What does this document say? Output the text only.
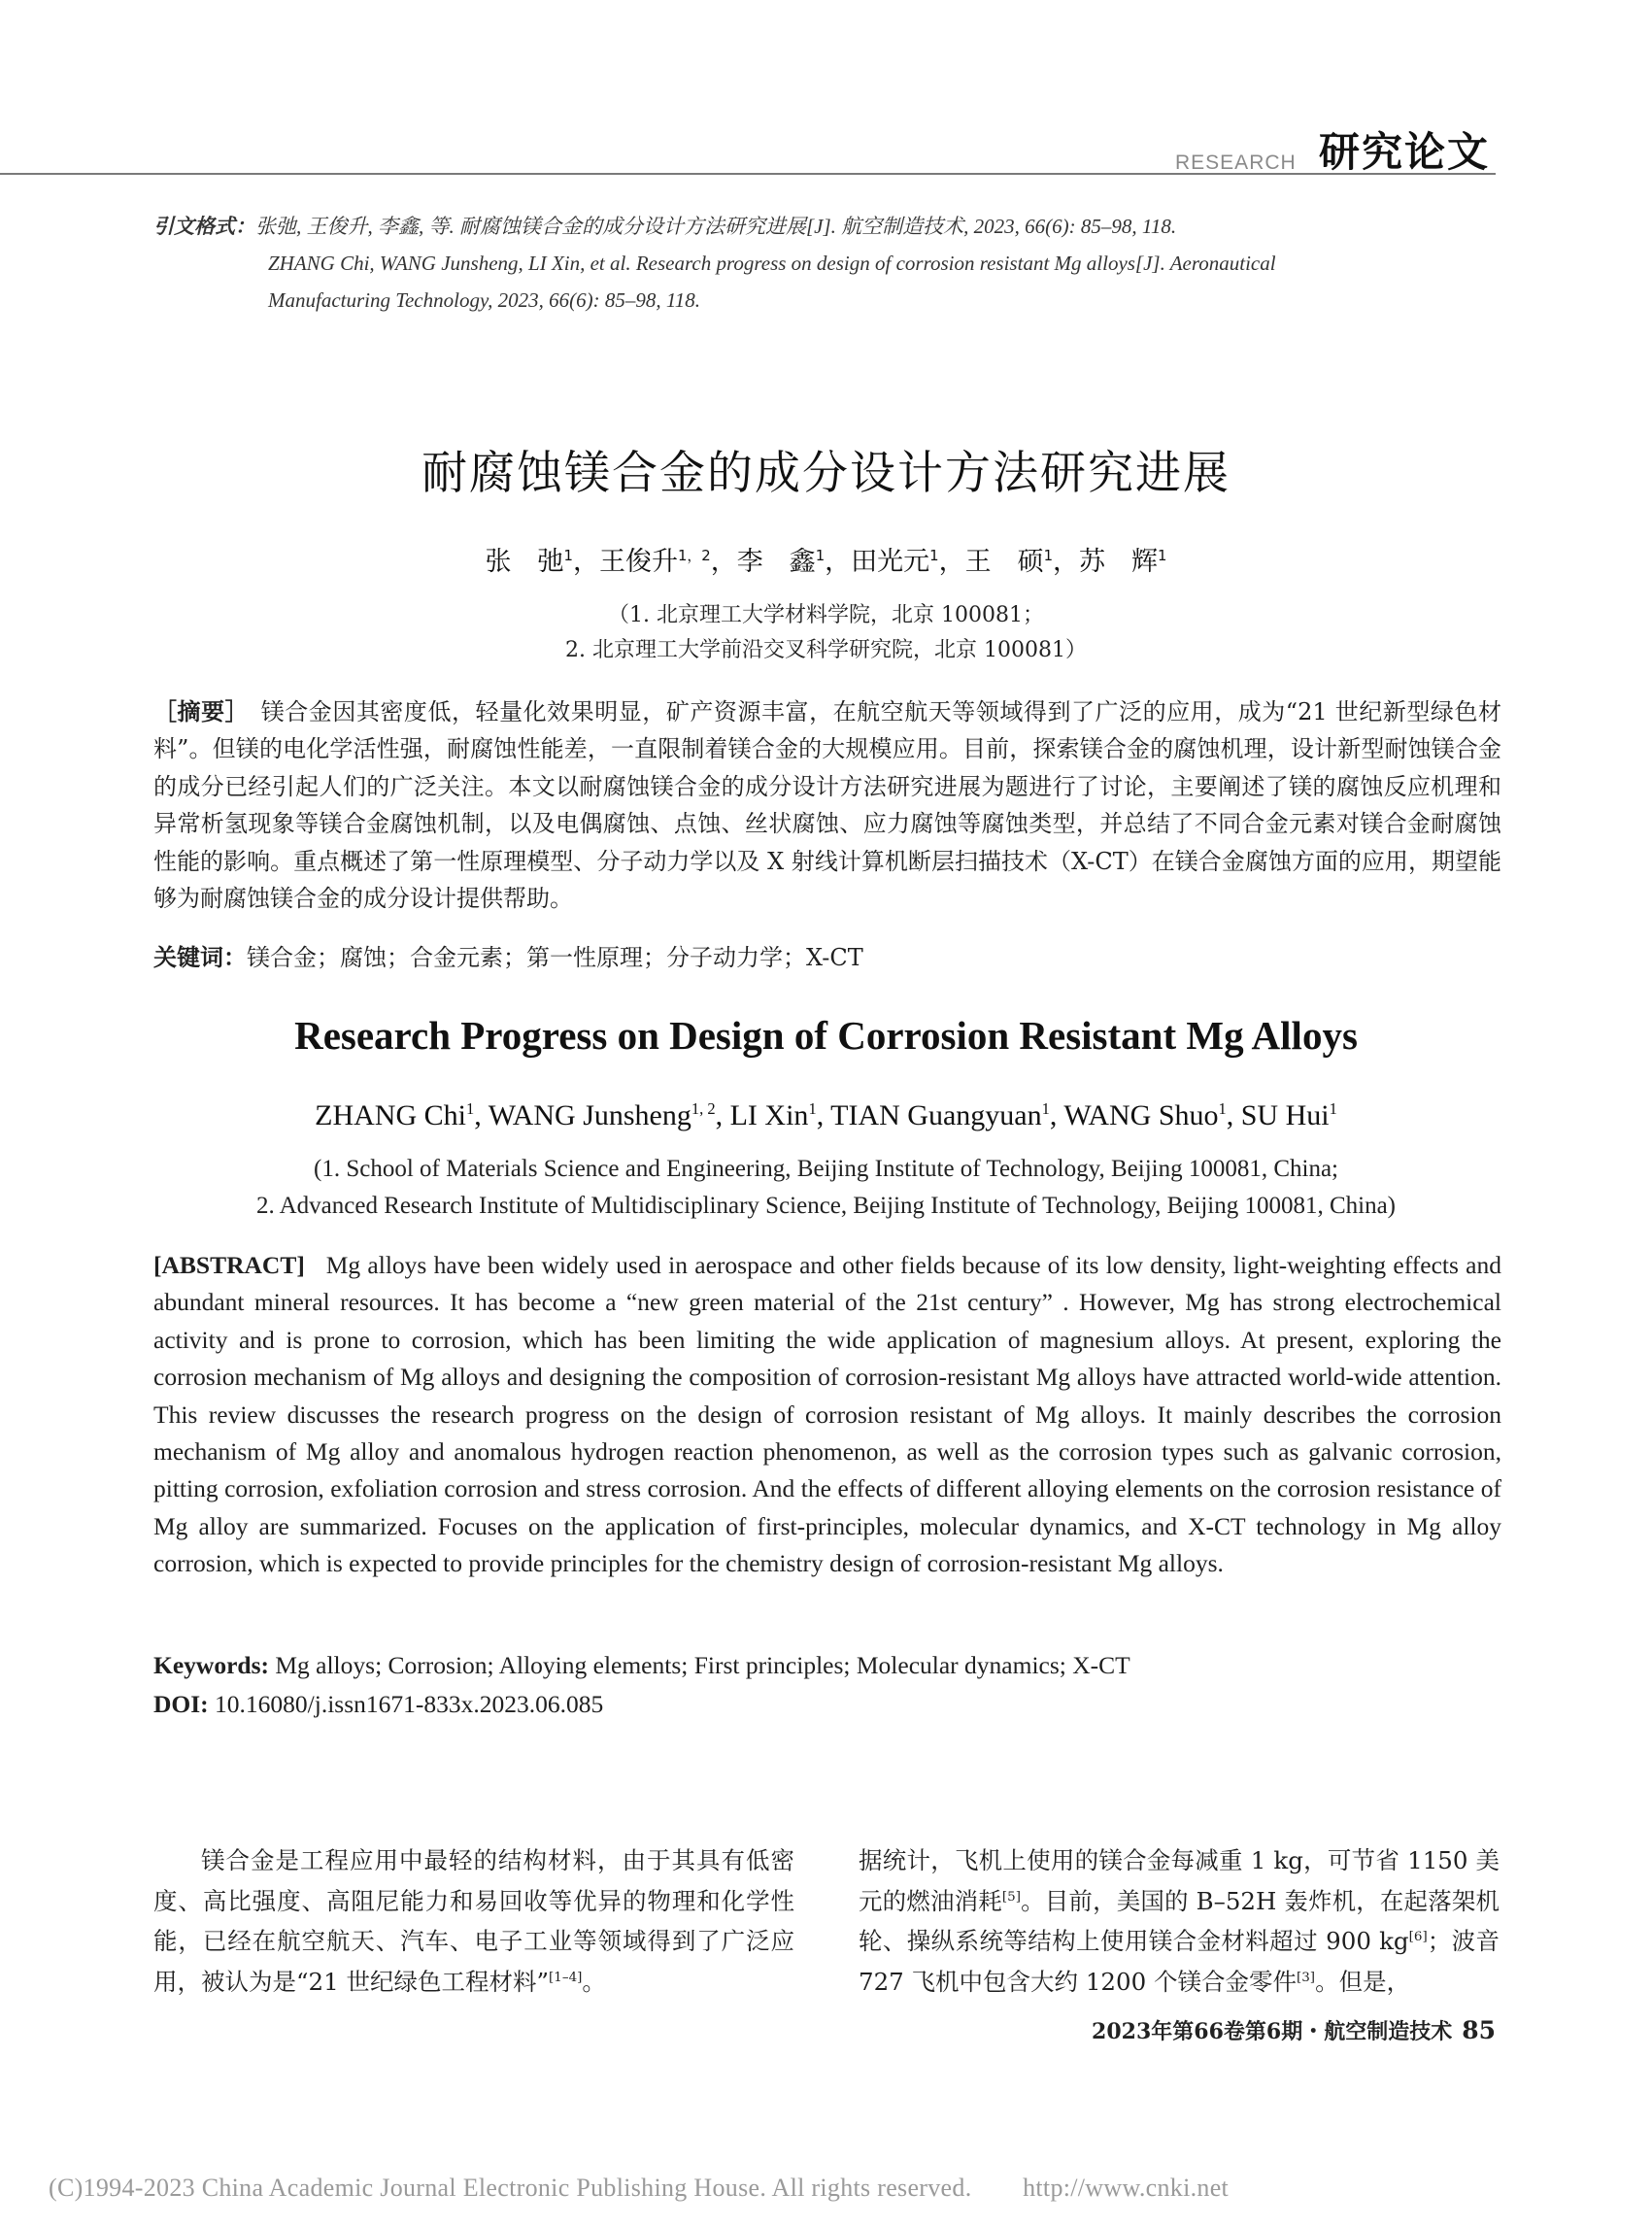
RESEARCH 研究论文
引文格式：张弛, 王俊升, 李鑫, 等. 耐腐蚀镁合金的成分设计方法研究进展[J]. 航空制造技术, 2023, 66(6): 85–98, 118.
ZHANG Chi, WANG Junsheng, LI Xin, et al. Research progress on design of corrosion resistant Mg alloys[J]. Aeronautical
Manufacturing Technology, 2023, 66(6): 85–98, 118.
耐腐蚀镁合金的成分设计方法研究进展
张　弛$^1$，王俊升$^{1,2}$，李　鑫$^1$，田光元$^1$，王　硕$^1$，苏　辉$^1$
（1. 北京理工大学材料学院，北京 100081；
2. 北京理工大学前沿交叉科学研究院，北京 100081）
［摘要］　 镁合金因其密度低，轻量化效果明显，矿产资源丰富，在航空航天等领域得到了广泛的应用，成为“21 世纪新型绿色材料”。但镁的电化学活性强，耐腐蚀性能差，一直限制着镁合金的大规模应用。目前，探索镁合金的腐蚀机理，设计新型耐蚀镁合金的成分已经引起人们的广泛关注。本文以耐腐蚀镁合金的成分设计方法研究进展为题进行了讨论，主要阐述了镁的腐蚀反应机理和异常析氢现象等镁合金腐蚀机制，以及电偶腐蚀、点蚀、丝状腐蚀、应力腐蚀等腐蚀类型，并总结了不同合金元素对镁合金耐腐蚀性能的影响。重点概述了第一性原理模型、分子动力学以及 X 射线计算机断层扫描技术（X-CT）在镁合金腐蚀方面的应用，期望能够为耐腐蚀镁合金的成分设计提供帮助。
关键词：镁合金；腐蚀；合金元素；第一性原理；分子动力学；X-CT
Research Progress on Design of Corrosion Resistant Mg Alloys
ZHANG Chi$^1$, WANG Junsheng$^{1, 2}$, LI Xin$^1$, TIAN Guangyuan$^1$, WANG Shuo$^1$, SU Hui$^1$
(1. School of Materials Science and Engineering, Beijing Institute of Technology, Beijing 100081, China;
2. Advanced Research Institute of Multidisciplinary Science, Beijing Institute of Technology, Beijing 100081, China)
[ABSTRACT] Mg alloys have been widely used in aerospace and other fields because of its low density, light-weighting effects and abundant mineral resources. It has become a “new green material of the 21st century” . However, Mg has strong electrochemical activity and is prone to corrosion, which has been limiting the wide application of magnesium alloys. At present, exploring the corrosion mechanism of Mg alloys and designing the composition of corrosion-resistant Mg alloys have attracted world-wide attention. This review discusses the research progress on the design of corrosion resistant of Mg alloys. It mainly describes the corrosion mechanism of Mg alloy and anomalous hydrogen reaction phenomenon, as well as the corrosion types such as galvanic corrosion, pitting corrosion, exfoliation corrosion and stress corrosion. And the effects of different alloying elements on the corrosion resistance of Mg alloy are summarized. Focuses on the application of first-principles, molecular dynamics, and X-CT technology in Mg alloy corrosion, which is expected to provide principles for the chemistry design of corrosion-resistant Mg alloys.
Keywords: Mg alloys; Corrosion; Alloying elements; First principles; Molecular dynamics; X-CT
DOI: 10.16080/j.issn1671-833x.2023.06.085
镁合金是工程应用中最轻的结构材料，由于其具有低密度、高比强度、高阻尼能力和易回收等优异的物理和化学性能，已经在航空航天、汽车、电子工业等领域得到了广泛应用，被认为是“21 世纪绿色工程材料”[1–4]。
据统计，飞机上使用的镁合金每减重 1 kg，可节省 1150 美元的燃油消耗[5]。目前，美国的 B–52H 轰炸机，在起落架机轮、操纵系统等结构上使用镁合金材料超过 900 kg[6]；波音 727 飞机中包含大约 1200 个镁合金零件[3]。但是，
2023年第66卷第6期・航空制造技术 85
(C)1994-2023 China Academic Journal Electronic Publishing House. All rights reserved.　　http://www.cnki.net
